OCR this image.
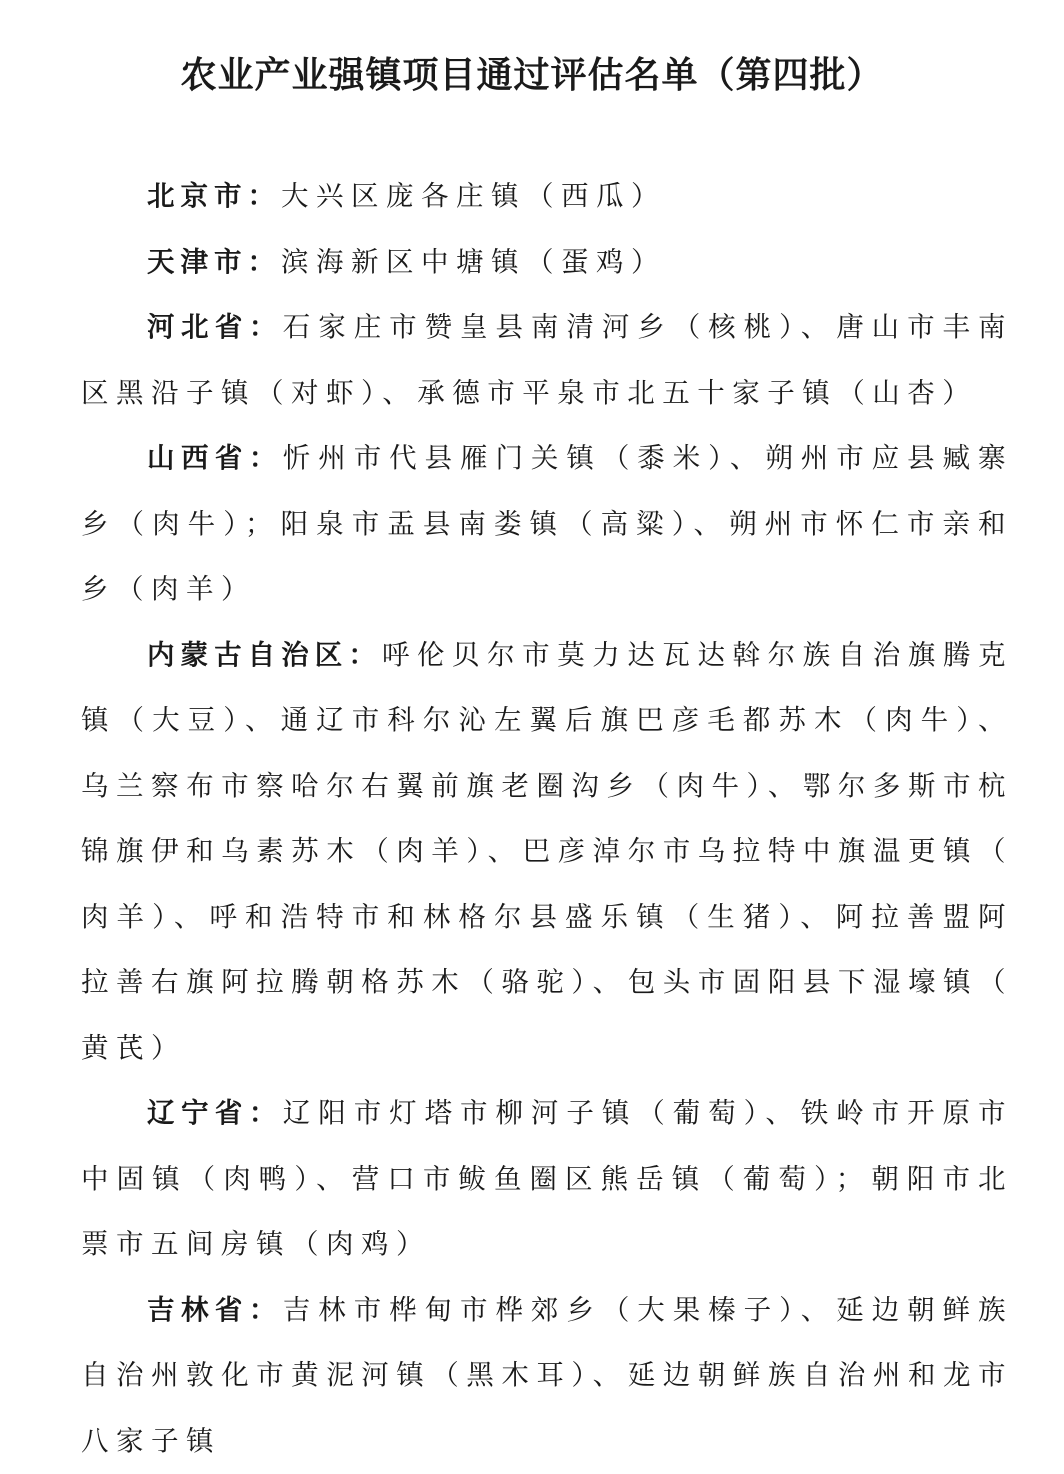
农业产业强镇项目通过评估名单（第四批）

北京市：大兴区庞各庄镇（西瓜）

天津市：滨海新区中塘镇（蛋鸡）

河北省：石家庄市赞皇县南清河乡（核桃）、唐山市丰南区黑沿子镇（对虾）、承德市平泉市北五十家子镇（山杏）

山西省：忻州市代县雁门关镇（黍米）、朔州市应县臧寨乡（肉牛）；阳泉市盂县南娄镇（高粱）、朔州市怀仁市亲和乡（肉羊）

内蒙古自治区：呼伦贝尔市莫力达瓦达斡尔族自治旗腾克镇（大豆）、通辽市科尔沁左翼后旗巴彦毛都苏木（肉牛）、乌兰察布市察哈尔右翼前旗老圈沟乡（肉牛）、鄂尔多斯市杭锦旗伊和乌素苏木（肉羊）、巴彦淖尔市乌拉特中旗温更镇（肉羊）、呼和浩特市和林格尔县盛乐镇（生猪）、阿拉善盟阿拉善右旗阿拉腾朝格苏木（骆驼）、包头市固阳县下湿壕镇（黄芪）

辽宁省：辽阳市灯塔市柳河子镇（葡萄）、铁岭市开原市中固镇（肉鸭）、营口市鲅鱼圈区熊岳镇（葡萄）；朝阳市北票市五间房镇（肉鸡）

吉林省：吉林市桦甸市桦郊乡（大果榛子）、延边朝鲜族自治州敦化市黄泥河镇（黑木耳）、延边朝鲜族自治州和龙市八家子镇
